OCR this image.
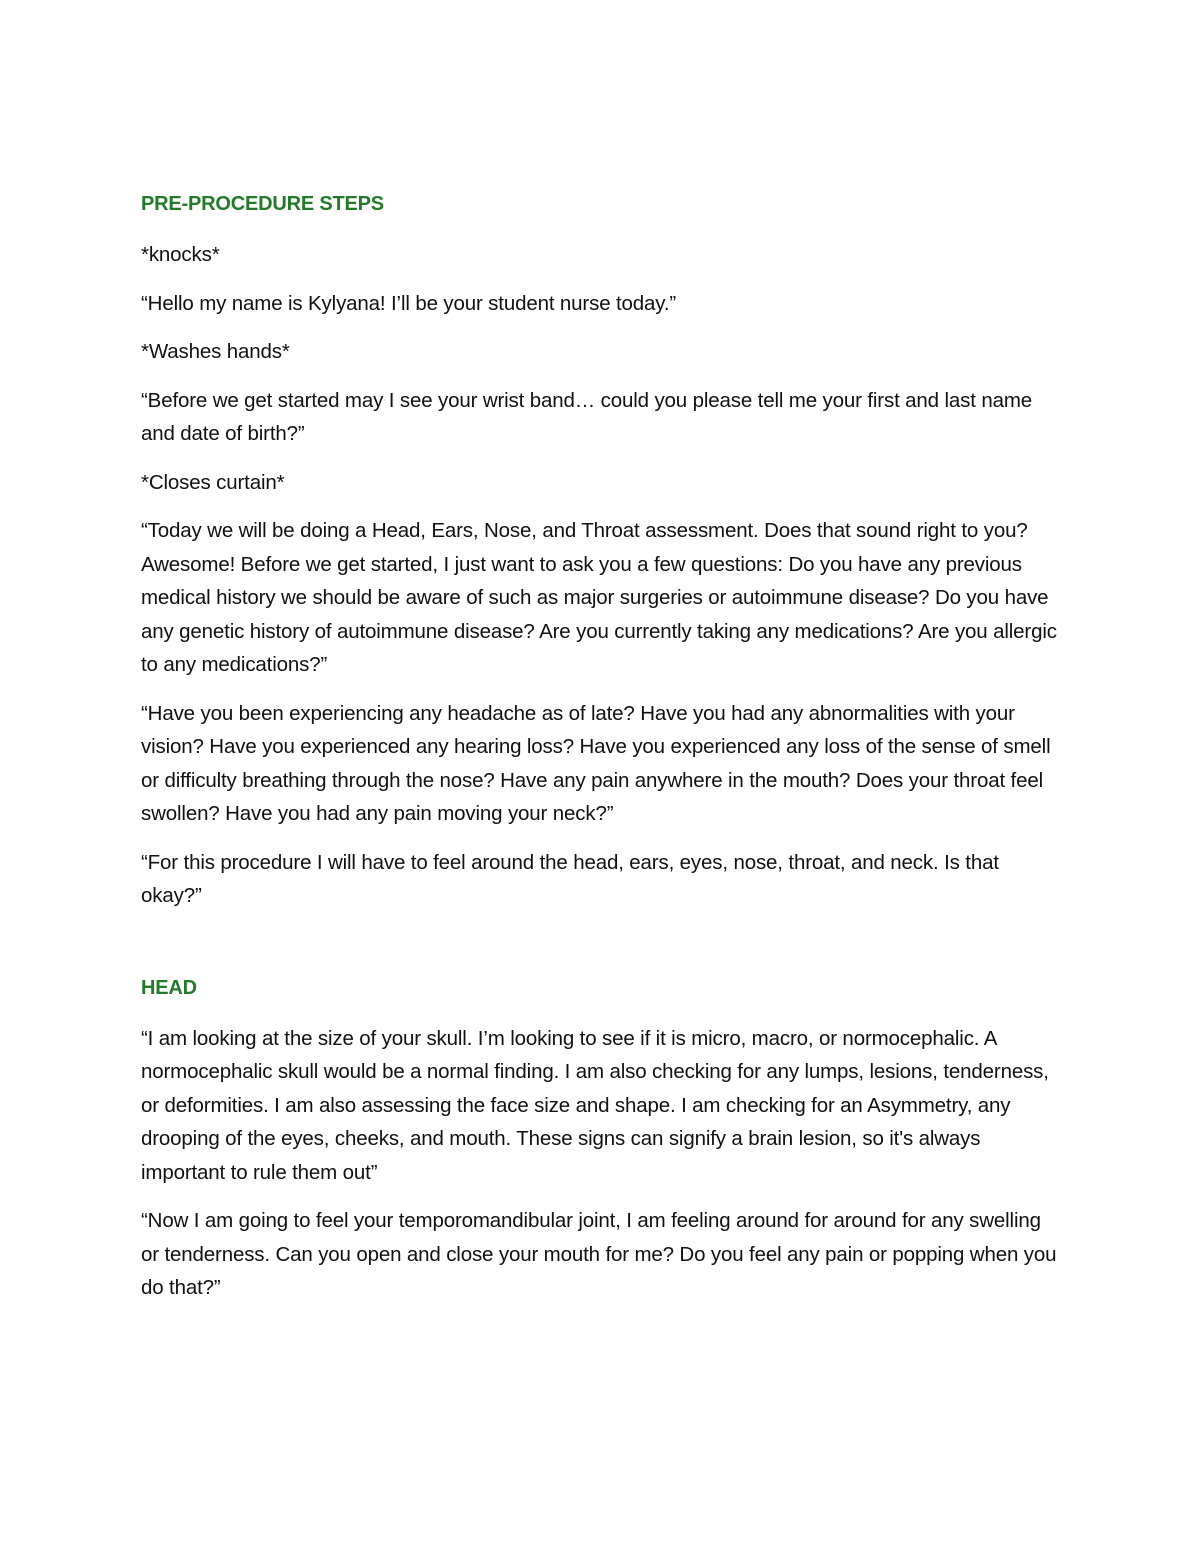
PRE-PROCEDURE STEPS

*knocks*

“Hello my name is Kylyana! I’ll be your student nurse today.”

*Washes hands*

“Before we get started may I see your wrist band… could you please tell me your first and last name and date of birth?”

*Closes curtain*

“Today we will be doing a Head, Ears, Nose, and Throat assessment. Does that sound right to you? Awesome! Before we get started, I just want to ask you a few questions: Do you have any previous medical history we should be aware of such as major surgeries or autoimmune disease? Do you have any genetic history of autoimmune disease? Are you currently taking any medications? Are you allergic to any medications?”

“Have you been experiencing any headache as of late? Have you had any abnormalities with your vision? Have you experienced any hearing loss? Have you experienced any loss of the sense of smell or difficulty breathing through the nose? Have any pain anywhere in the mouth? Does your throat feel swollen? Have you had any pain moving your neck?”

“For this procedure I will have to feel around the head, ears, eyes, nose, throat, and neck. Is that okay?”

HEAD

“I am looking at the size of your skull. I’m looking to see if it is micro, macro, or normocephalic. A normocephalic skull would be a normal finding. I am also checking for any lumps, lesions, tenderness, or deformities. I am also assessing the face size and shape. I am checking for an Asymmetry, any drooping of the eyes, cheeks, and mouth. These signs can signify a brain lesion, so it's always important to rule them out”

“Now I am going to feel your temporomandibular joint, I am feeling around for around for any swelling or tenderness. Can you open and close your mouth for me? Do you feel any pain or popping when you do that?”
